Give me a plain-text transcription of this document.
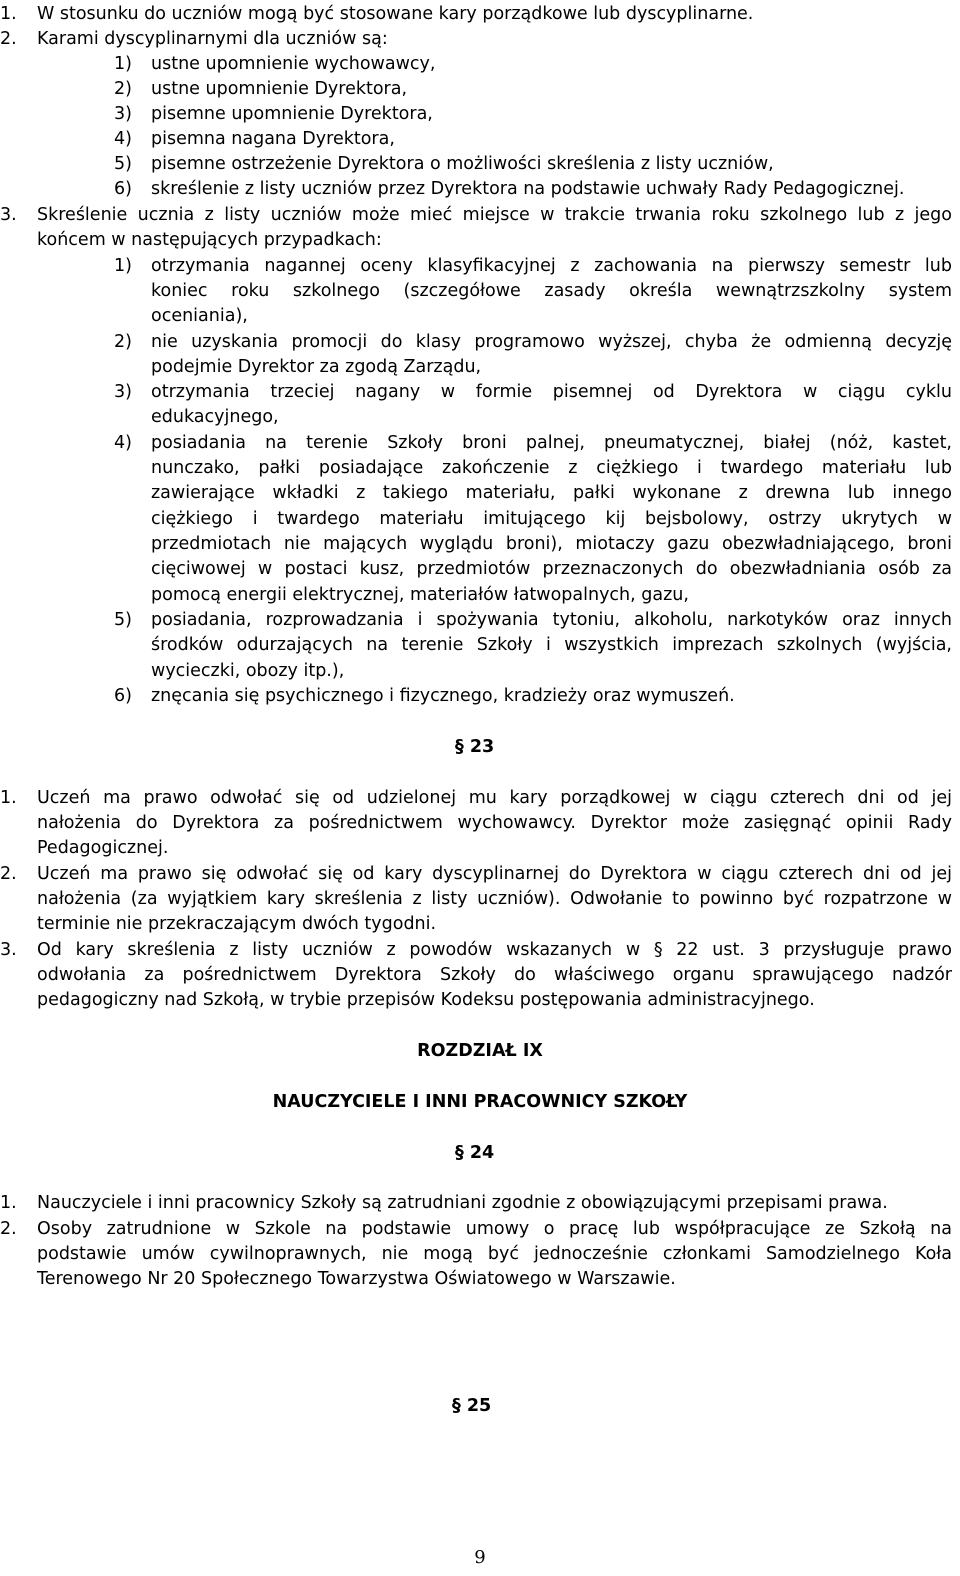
1. W stosunku do uczniów mogą być stosowane kary porządkowe lub dyscyplinarne.
2. Karami dyscyplinarnymi dla uczniów są:
1) ustne upomnienie wychowawcy,
2) ustne upomnienie Dyrektora,
3) pisemne upomnienie Dyrektora,
4) pisemna nagana Dyrektora,
5) pisemne ostrzeżenie Dyrektora o możliwości skreślenia z listy uczniów,
6) skreślenie z listy uczniów przez Dyrektora na podstawie uchwały Rady Pedagogicznej.
3. Skreślenie ucznia z listy uczniów może mieć miejsce w trakcie trwania roku szkolnego lub z jego
końcem w następujących przypadkach:
1) otrzymania nagannej oceny klasyfikacyjnej z zachowania na pierwszy semestr lub
koniec roku szkolnego (szczegółowe zasady określa wewnątrzszkolny system
oceniania),
2) nie uzyskania promocji do klasy programowo wyższej, chyba że odmienną decyzję
podejmie Dyrektor za zgodą Zarządu,
3) otrzymania trzeciej nagany w formie pisemnej od Dyrektora w ciągu cyklu
edukacyjnego,
4) posiadania na terenie Szkoły broni palnej, pneumatycznej, białej (nóż, kastet,
nunczako, pałki posiadające zakończenie z ciężkiego i twardego materiału lub
zawierające wkładki z takiego materiału, pałki wykonane z drewna lub innego
ciężkiego i twardego materiału imitującego kij bejsbolowy, ostrzy ukrytych w
przedmiotach nie mających wyglądu broni), miotaczy gazu obezwładniającego, broni
cięciwowej w postaci kusz, przedmiotów przeznaczonych do obezwładniania osób za
pomocą energii elektrycznej, materiałów łatwopalnych, gazu,
5) posiadania, rozprowadzania i spożywania tytoniu, alkoholu, narkotyków oraz innych
środków odurzających na terenie Szkoły i wszystkich imprezach szkolnych (wyjścia,
wycieczki, obozy itp.),
6) znęcania się psychicznego i fizycznego, kradzieży oraz wymuszeń.
§ 23
1. Uczeń ma prawo odwołać się od udzielonej mu kary porządkowej w ciągu czterech dni od jej
nałożenia do Dyrektora za pośrednictwem wychowawcy. Dyrektor może zasięgnąć opinii Rady
Pedagogicznej.
2. Uczeń ma prawo się odwołać się od kary dyscyplinarnej do Dyrektora w ciągu czterech dni od jej
nałożenia (za wyjątkiem kary skreślenia z listy uczniów). Odwołanie to powinno być rozpatrzone w
terminie nie przekraczającym dwóch tygodni.
3. Od kary skreślenia z listy uczniów z powodów wskazanych w § 22 ust. 3 przysługuje prawo
odwołania za pośrednictwem Dyrektora Szkoły do właściwego organu sprawującego nadzór
pedagogiczny nad Szkołą, w trybie przepisów Kodeksu postępowania administracyjnego.
ROZDZIAŁ IX
NAUCZYCIELE I INNI PRACOWNICY SZKOŁY
§ 24
1. Nauczyciele i inni pracownicy Szkoły są zatrudniani zgodnie z obowiązującymi przepisami prawa.
2. Osoby zatrudnione w Szkole na podstawie umowy o pracę lub współpracujące ze Szkołą na
podstawie umów cywilnoprawnych, nie mogą być jednocześnie członkami Samodzielnego Koła
Terenowego Nr 20 Społecznego Towarzystwa Oświatowego w Warszawie.
§ 25
9
